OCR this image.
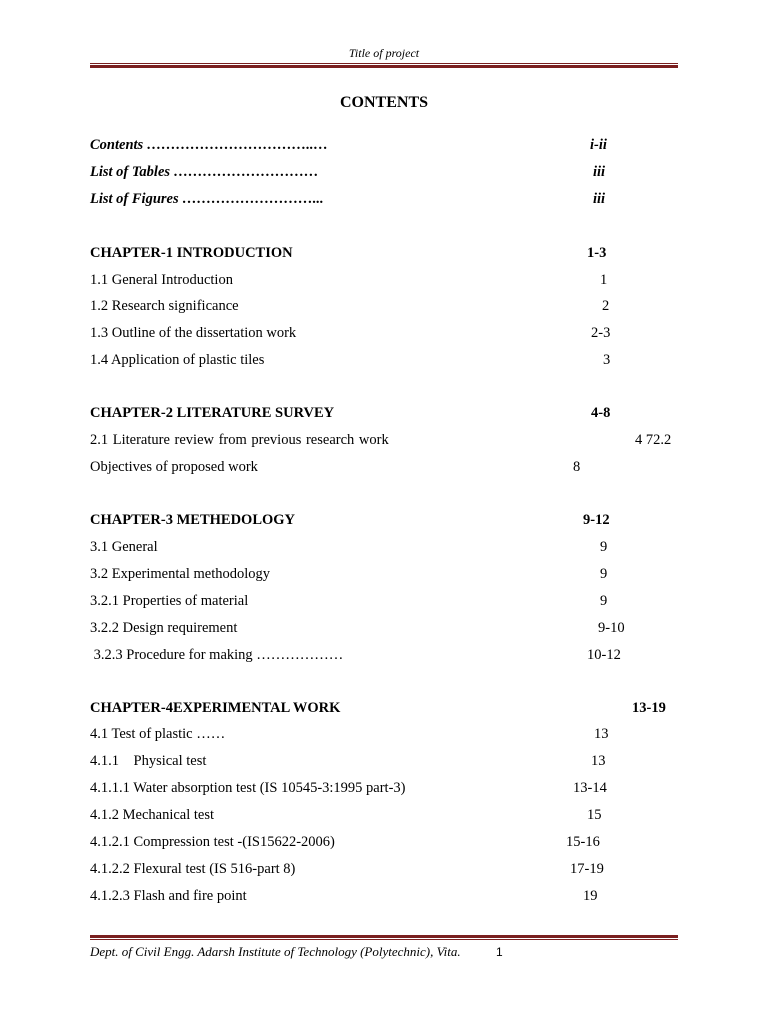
Title of project
CONTENTS
Contents ……………………………..…	i-ii
List of Tables …………………………	iii
List of Figures ………………………...	iii
CHAPTER-1 INTRODUCTION	1-3
1.1 General Introduction	1
1.2 Research significance	2
1.3 Outline of the dissertation work	2-3
1.4 Application of plastic tiles	3
CHAPTER-2 LITERATURE SURVEY	4-8
2.1 Literature review from previous research work	4 72.2
Objectives of proposed work	8
CHAPTER-3 METHEDOLOGY	9-12
3.1 General	9
3.2 Experimental methodology	9
3.2.1 Properties of material	9
3.2.2 Design requirement	9-10
3.2.3 Procedure for making ………………	10-12
CHAPTER-4EXPERIMENTAL WORK	13-19
4.1 Test of plastic ……	13
4.1.1    Physical test	13
4.1.1.1 Water absorption test (IS 10545-3:1995 part-3)	13-14
4.1.2 Mechanical test	15
4.1.2.1 Compression test -(IS15622-2006)	15-16
4.1.2.2 Flexural test (IS 516-part 8)	17-19
4.1.2.3 Flash and fire point	19
Dept. of Civil Engg. Adarsh Institute of Technology (Polytechnic), Vita.	1
